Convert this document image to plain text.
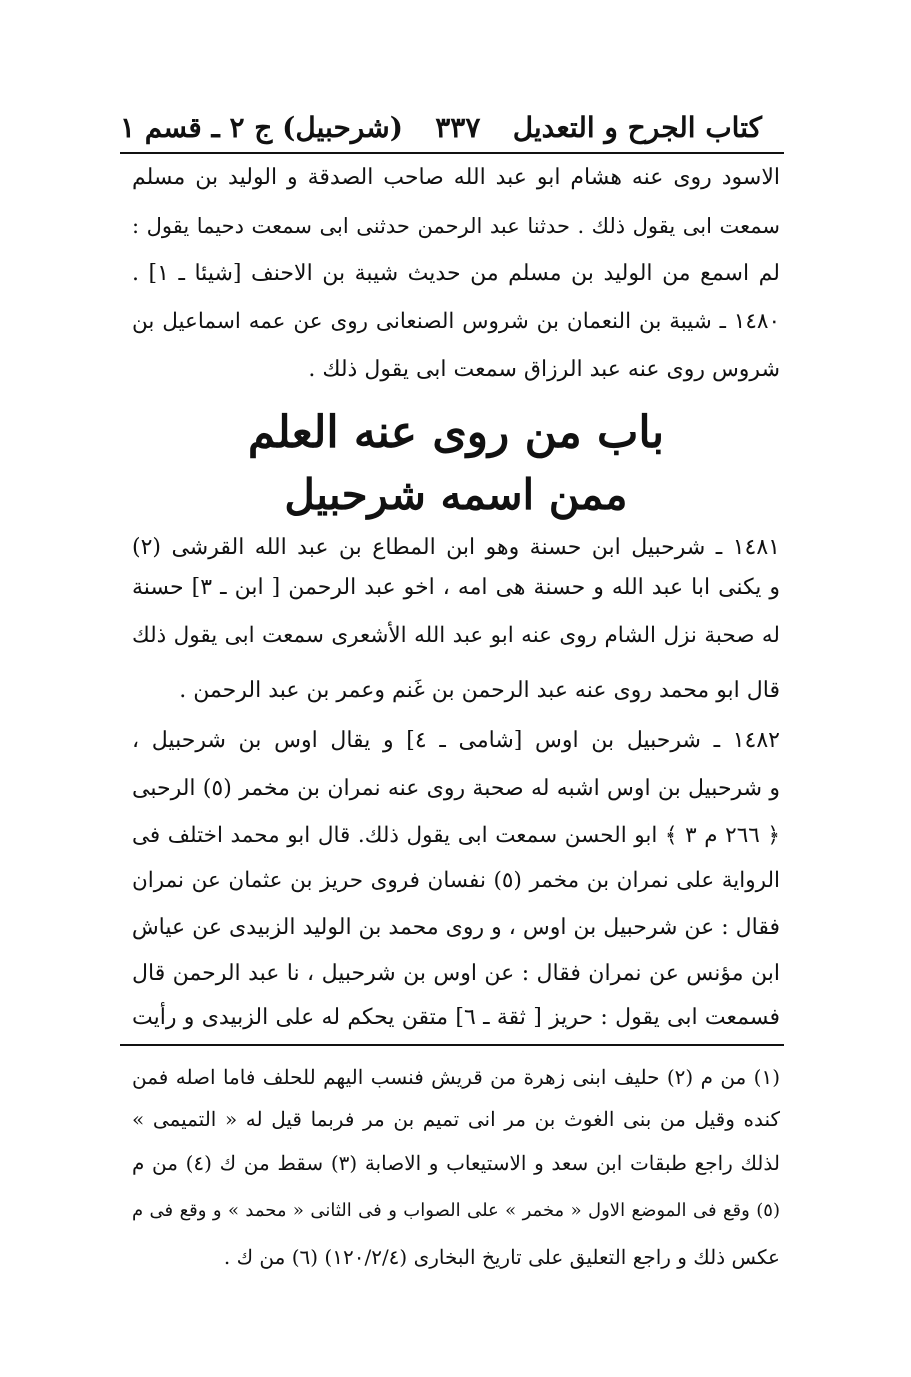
كتاب الجرح و التعديل
٣٣٧
(شرحبيل) ج ٢ ـ قسم ١
الاسود روى عنه هشام ابو عبد الله صاحب الصدقة و الوليد بن مسلم
سمعت ابى يقول ذلك . حدثنا عبد الرحمن حدثنى ابى سمعت دحيما يقول :
لم اسمع من الوليد بن مسلم من حديث شيبة بن الاحنف [شيئا ـ ١] .
١٤٨٠ ـ شيبة بن النعمان بن شروس الصنعانى روى عن عمه اسماعيل بن
شروس روى عنه عبد الرزاق سمعت ابى يقول ذلك .
باب من روى عنه العلم
ممن اسمه شرحبيل
١٤٨١ ـ شرحبيل ابن حسنة وهو ابن المطاع بن عبد الله القرشى (٢)
و يكنى ابا عبد الله و حسنة هى امه ، اخو عبد الرحمن [ ابن ـ ٣] حسنة
له صحبة نزل الشام روى عنه ابو عبد الله الأشعرى سمعت ابى يقول ذلك
قال ابو محمد روى عنه عبد الرحمن بن غَنم وعمر بن عبد الرحمن .
١٤٨٢ ـ شرحبيل بن اوس [شامى ـ ٤] و يقال اوس بن شرحبيل ،
و شرحبيل بن اوس اشبه له صحبة روى عنه نمران بن مخمر (٥) الرحبى
﴿ ٢٦٦ م ٣ ﴾ ابو الحسن سمعت ابى يقول ذلك. قال ابو محمد اختلف فى
الرواية على نمران بن مخمر (٥) نفسان فروى حريز بن عثمان عن نمران
فقال : عن شرحبيل بن اوس ، و روى محمد بن الوليد الزبيدى عن عياش
ابن مؤنس عن نمران فقال : عن اوس بن شرحبيل ، نا عبد الرحمن قال
فسمعت ابى يقول : حريز [ ثقة ـ ٦] متقن يحكم له على الزبيدى و رأيت
(١) من م (٢) حليف ابنى زهرة من قريش فنسب اليهم للحلف فاما اصله فمن
كنده وقيل من بنى الغوث بن مر انى تميم بن مر فربما قيل له « التميمى »
لذلك راجع طبقات ابن سعد و الاستيعاب و الاصابة (٣) سقط من ك (٤) من م
(٥) وقع فى الموضع الاول « مخمر » على الصواب و فى الثانى « محمد » و وقع فى م
عكس ذلك و راجع التعليق على تاريخ البخارى (١٢٠/٢/٤) (٦) من ك .
